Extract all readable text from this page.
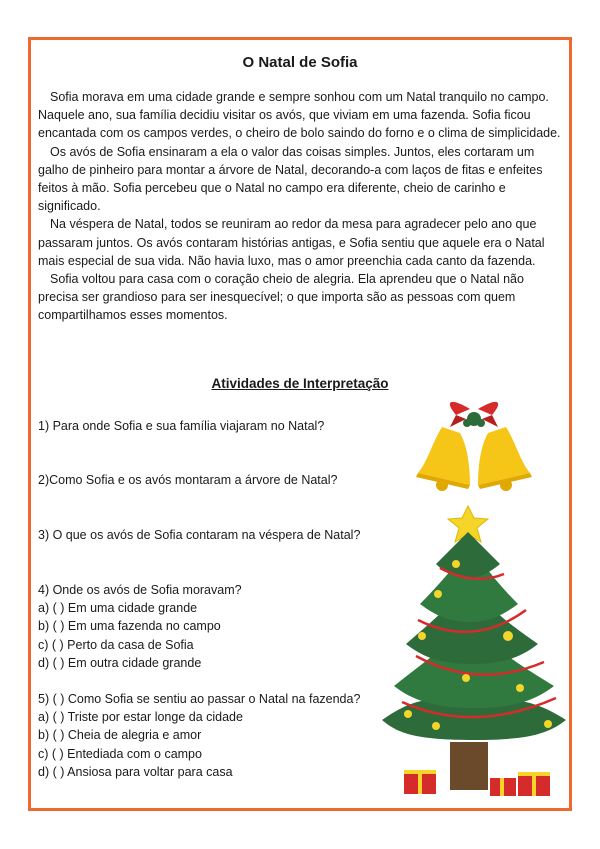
O Natal de Sofia

Sofia morava em uma cidade grande e sempre sonhou com um Natal tranquilo no campo. Naquele ano, sua família decidiu visitar os avós, que viviam em uma fazenda. Sofia ficou encantada com os campos verdes, o cheiro de bolo saindo do forno e o clima de simplicidade.

Os avós de Sofia ensinaram a ela o valor das coisas simples. Juntos, eles cortaram um galho de pinheiro para montar a árvore de Natal, decorando-a com laços de fitas e enfeites feitos à mão. Sofia percebeu que o Natal no campo era diferente, cheio de carinho e significado.

Na véspera de Natal, todos se reuniram ao redor da mesa para agradecer pelo ano que passaram juntos. Os avós contaram histórias antigas, e Sofia sentiu que aquele era o Natal mais especial de sua vida. Não havia luxo, mas o amor preenchia cada canto da fazenda.

Sofia voltou para casa com o coração cheio de alegria. Ela aprendeu que o Natal não precisa ser grandioso para ser inesquecível; o que importa são as pessoas com quem compartilhamos esses momentos.

Atividades de Interpretação
1) Para onde Sofia e sua família viajaram no Natal?
2)Como Sofia e os avós montaram a árvore de Natal?
3) O que os avós de Sofia contaram na véspera de Natal?
4) Onde os avós de Sofia moravam?
a) ( ) Em uma cidade grande
b) ( ) Em uma fazenda no campo
c) ( ) Perto da casa de Sofia
d) ( ) Em outra cidade grande
5) ( ) Como Sofia se sentiu ao passar o Natal na fazenda?
a) ( ) Triste por estar longe da cidade
b) ( ) Cheia de alegria e amor
c) ( ) Entediada com o campo
d) ( ) Ansiosa para voltar para casa
